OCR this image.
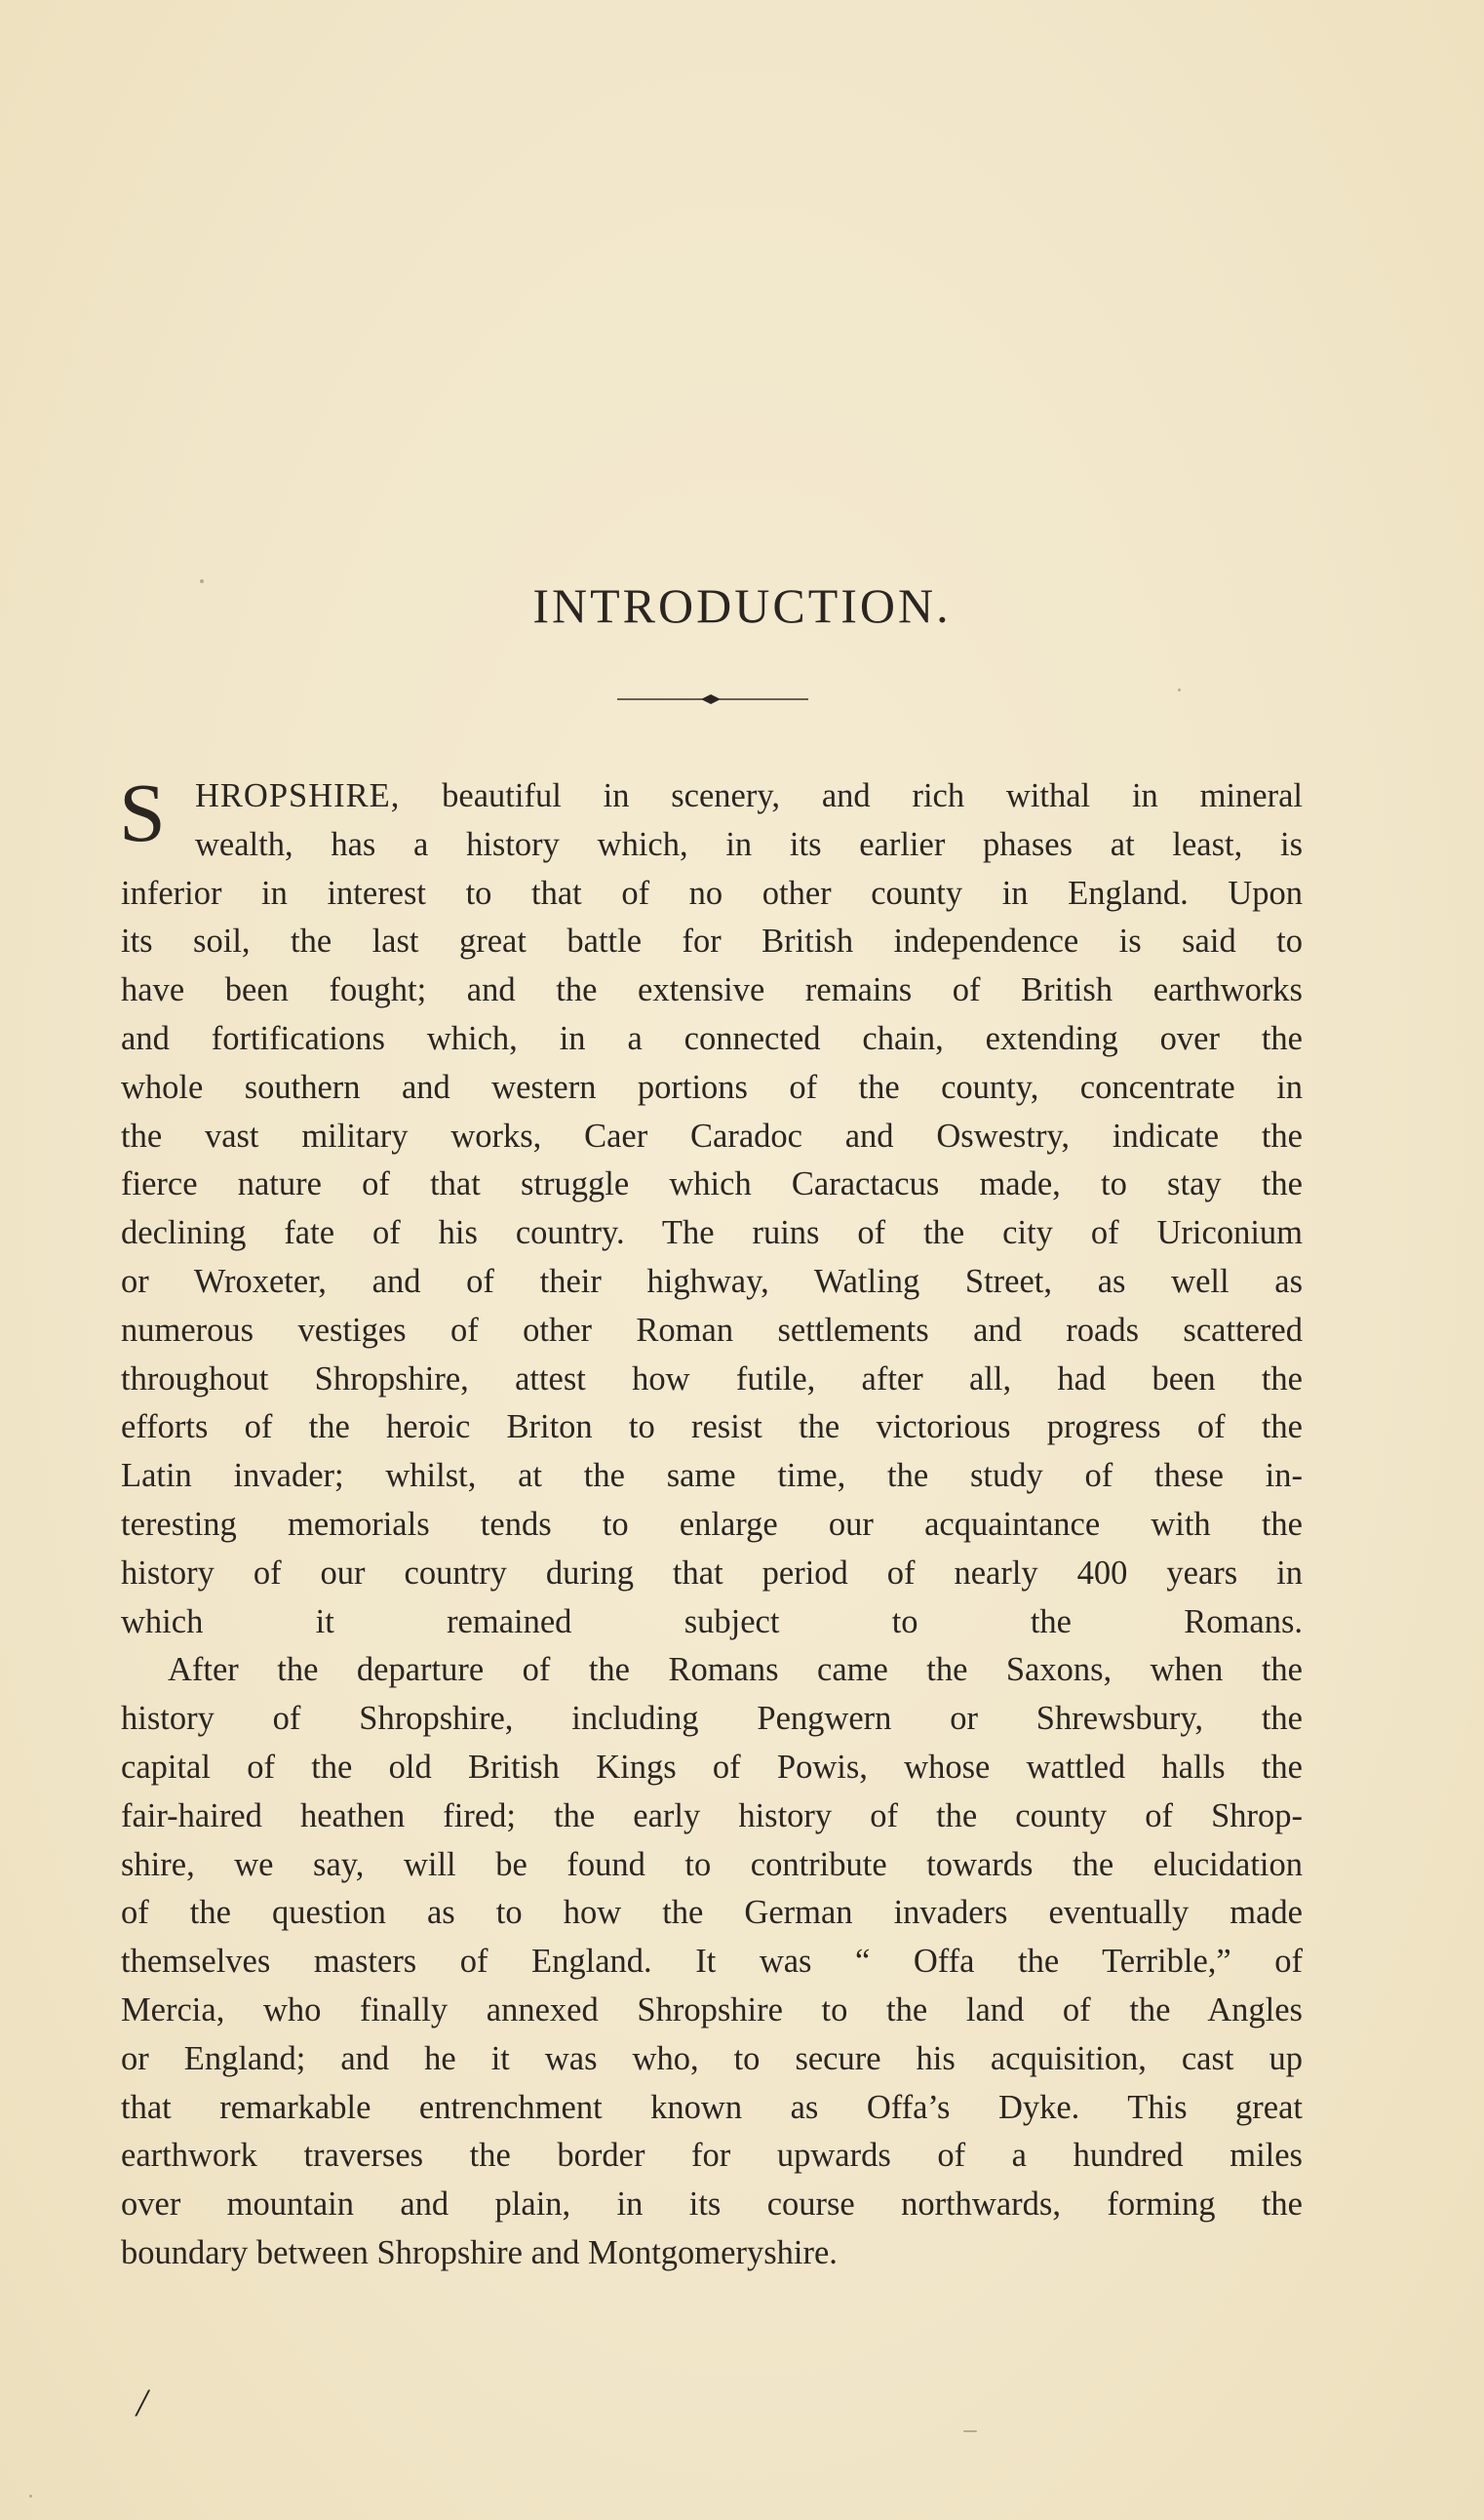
INTRODUCTION.
S HROPSHIRE, beautiful in scenery, and rich withal in mineral
wealth, has a history which, in its earlier phases at least, is
inferior in interest to that of no other county in England. Upon
its soil, the last great battle for British independence is said to
have been fought; and the extensive remains of British earthworks
and fortifications which, in a connected chain, extending over the
whole southern and western portions of the county, concentrate in
the vast military works, Caer Caradoc and Oswestry, indicate the
fierce nature of that struggle which Caractacus made, to stay the
declining fate of his country. The ruins of the city of Uriconium
or Wroxeter, and of their highway, Watling Street, as well as
numerous vestiges of other Roman settlements and roads scattered
throughout Shropshire, attest how futile, after all, had been the
efforts of the heroic Briton to resist the victorious progress of the
Latin invader; whilst, at the same time, the study of these in-
teresting memorials tends to enlarge our acquaintance with the
history of our country during that period of nearly 400 years in
which it remained subject to the Romans.
After the departure of the Romans came the Saxons, when the
history of Shropshire, including Pengwern or Shrewsbury, the
capital of the old British Kings of Powis, whose wattled halls the
fair-haired heathen fired; the early history of the county of Shrop-
shire, we say, will be found to contribute towards the elucidation
of the question as to how the German invaders eventually made
themselves masters of England. It was “ Offa the Terrible,” of
Mercia, who finally annexed Shropshire to the land of the Angles
or England; and he it was who, to secure his acquisition, cast up
that remarkable entrenchment known as Offa’s Dyke. This great
earthwork traverses the border for upwards of a hundred miles
over mountain and plain, in its course northwards, forming the
boundary between Shropshire and Montgomeryshire.
/
